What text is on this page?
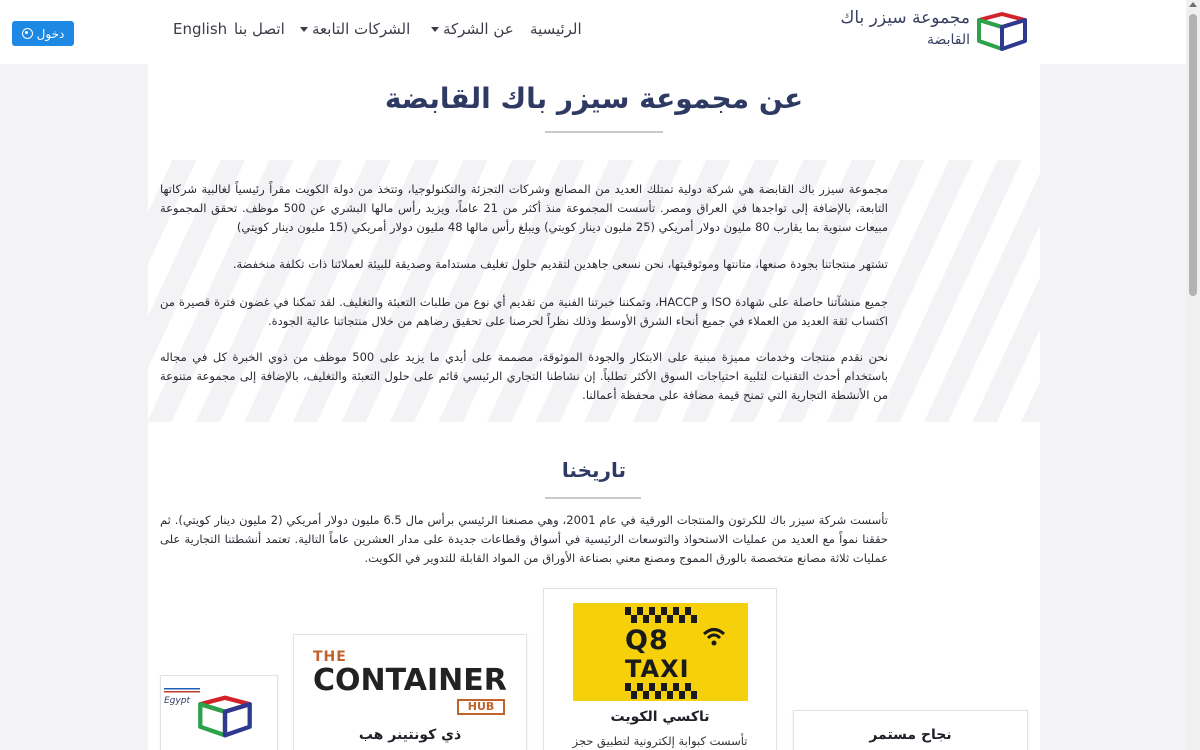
دخول	English اتصل بنا	الشركات التابعة	عن الشركة الرئيسية
مجموعة سيزر باك
القابضة
عن مجموعة سيزر باك القابضة

مجموعة سيزر باك القابضة هي شركة دولية تمتلك العديد من المصانع وشركات التجزئة والتكنولوجيا، وتتخذ من دولة الكويت مقراً رئيسياً لغالبية شركاتها التابعة، بالإضافة إلى تواجدها في العراق ومصر. تأسست المجموعة منذ أكثر من 21 عاماً، ويزيد رأس مالها البشري عن 500 موظف. تحقق المجموعة مبيعات سنوية بما يقارب 80 مليون دولار أمريكي (25 مليون دينار كويتي) ويبلغ رأس مالها 48 مليون دولار أمريكي (15 مليون دينار كويتي)

تشتهر منتجاتنا بجودة صنعها، متانتها وموثوقيتها، نحن نسعى جاهدين لتقديم حلول تغليف مستدامة وصديقة للبيئة لعملائنا ذات تكلفة منخفضة.

جميع منشآتنا حاصلة على شهادة ISO و HACCP، وتمكننا خبرتنا الفنية من تقديم أي نوع من طلبات التعبئة والتغليف. لقد تمكنا في غضون فترة قصيرة من اكتساب ثقة العديد من العملاء في جميع أنحاء الشرق الأوسط وذلك نظراً لحرصنا على تحقيق رضاهم من خلال منتجاتنا عالية الجودة.

نحن نقدم منتجات وخدمات مميزة مبنية على الابتكار والجودة الموثوقة، مصممة على أيدي ما يزيد على 500 موظف من ذوي الخبرة كل في مجاله باستخدام أحدث التقنيات لتلبية احتياجات السوق الأكثر تطلباً. إن نشاطنا التجاري الرئيسي قائم على حلول التعبئة والتغليف، بالإضافة إلى مجموعة متنوعة من الأنشطة التجارية التي تمنح قيمة مضافة على محفظة أعمالنا.

تاريخنا

تأسست شركة سيزر باك للكرتون والمنتجات الورقية في عام 2001، وهي مصنعنا الرئيسي برأس مال 6.5 مليون دولار أمريكي (2 مليون دينار كويتي). ثم حققنا نمواً مع العديد من عمليات الاستحواذ والتوسعات الرئيسية في أسواق وقطاعات جديدة على مدار العشرين عاماً التالية. تعتمد أنشطتنا التجارية على عمليات ثلاثة مصانع متخصصة بالورق المموج ومصنع معني بصناعة الأوراق من المواد القابلة للتدوير في الكويت.

نجاح مستمر
Q8
TAXI
تاكسي الكويت
تأسست كبوابة إلكترونية لتطبيق حجز
THE
CONTAINER
HUB
ذي كونتينر هب
Egypt
